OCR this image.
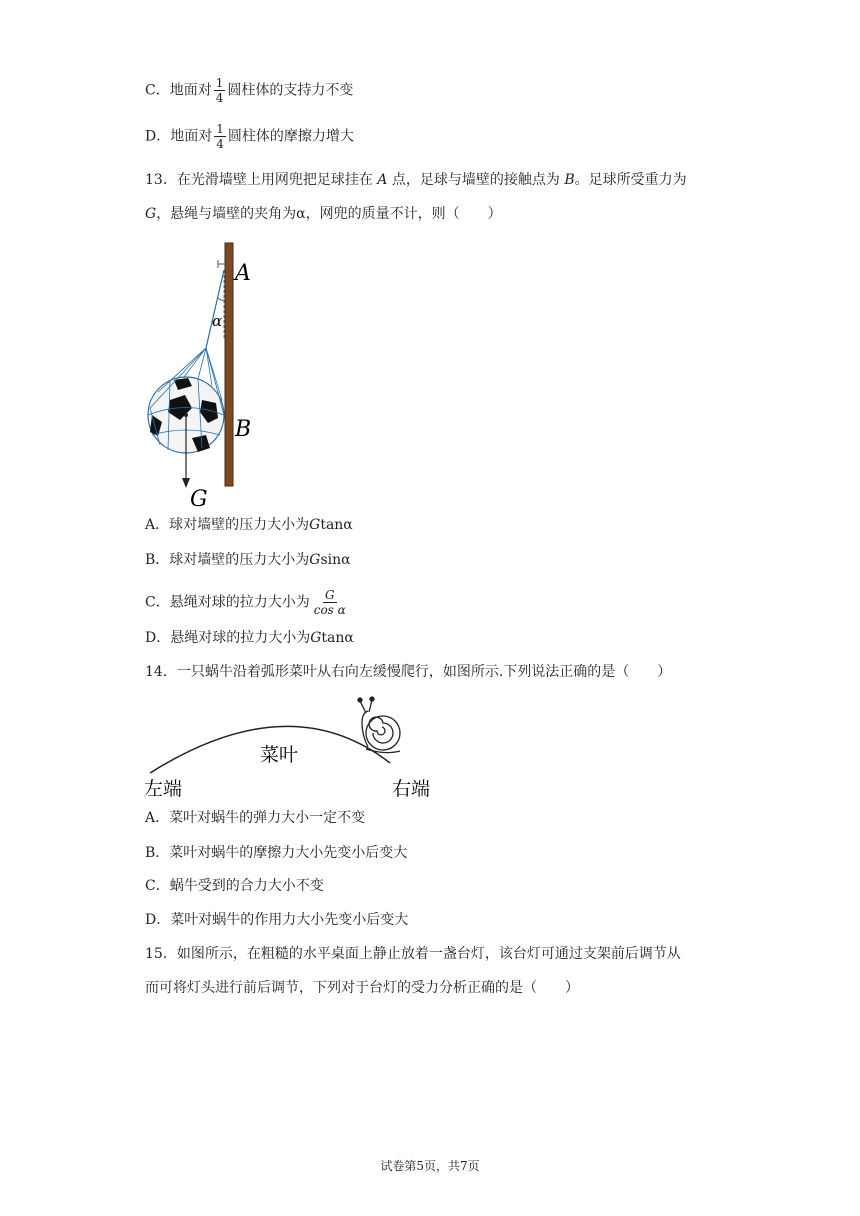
C．地面对 $\frac{1}{4}$ 圆柱体的支持力不变
D．地面对 $\frac{1}{4}$ 圆柱体的摩擦力增大
13．在光滑墙壁上用网兜把足球挂在 A 点，足球与墙壁的接触点为 B。足球所受重力为
G，悬绳与墙壁的夹角为α，网兜的质量不计，则（　　）
A
α
B
G
A．球对墙壁的压力大小为Gtanα
B．球对墙壁的压力大小为Gsinα
C．悬绳对球的拉力大小为 $\frac{G}{\text{cos α}}$
D．悬绳对球的拉力大小为Gtanα
14．一只蜗牛沿着弧形菜叶从右向左缓慢爬行，如图所示.下列说法正确的是（　　）
菜叶
左端	右端
A．菜叶对蜗牛的弹力大小一定不变
B．菜叶对蜗牛的摩擦力大小先变小后变大
C．蜗牛受到的合力大小不变
D．菜叶对蜗牛的作用力大小先变小后变大
15．如图所示，在粗糙的水平桌面上静止放着一盏台灯，该台灯可通过支架前后调节从
而可将灯头进行前后调节，下列对于台灯的受力分析正确的是（　　）
试卷第5页，共7页
